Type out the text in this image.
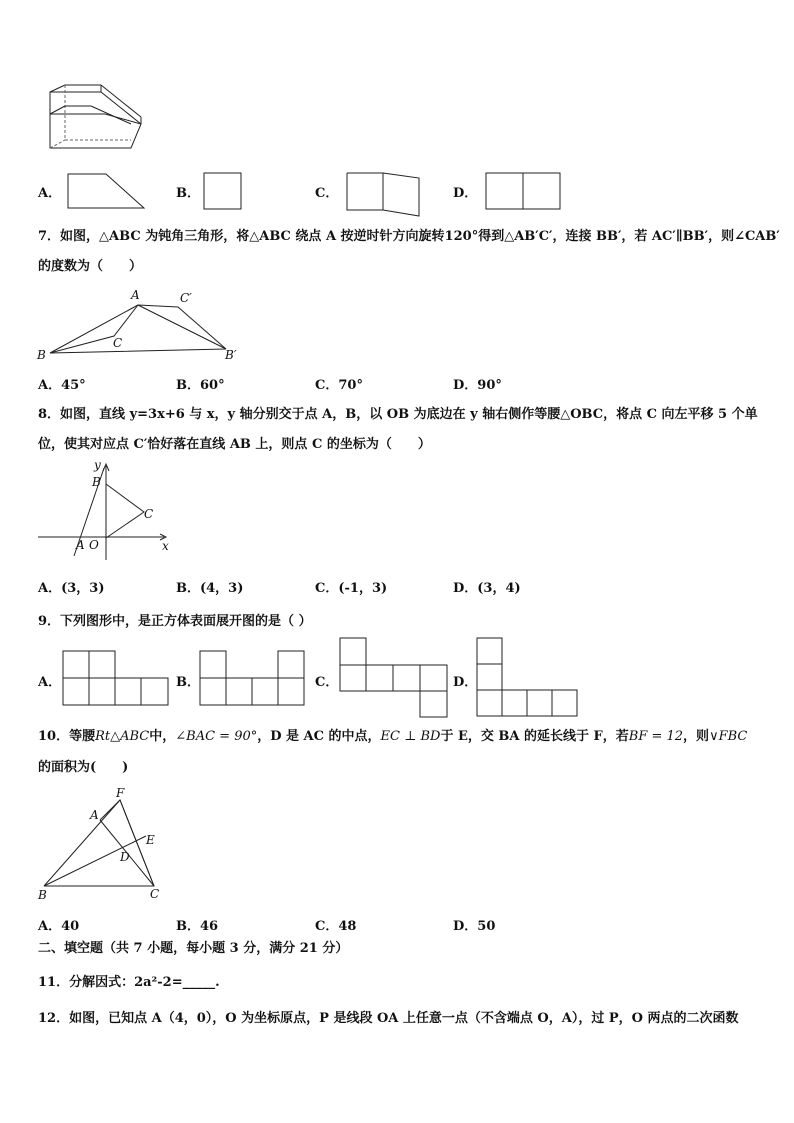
A．	B．	C．	D．
7．如图，△ABC 为钝角三角形，将△ABC 绕点 A 按逆时针方向旋转120°得到△AB′C′，连接 BB′，若 AC′∥BB′，则∠CAB′
的度数为（　　）
A	C′
B
C
B′
A．45°	B．60°	C．70°	D．90°
8．如图，直线 y=3x+6 与 x，y 轴分别交于点 A，B，以 OB 为底边在 y 轴右侧作等腰△OBC，将点 C 向左平移 5 个单
位，使其对应点 C′恰好落在直线 AB 上，则点 C 的坐标为（　　）
y
B
C
A O	x
A．(3，3)	B．(4，3)	C．(-1，3)	D．(3，4)
9．下列图形中，是正方体表面展开图的是（ ）
A．	B．	C．	D．
10．等腰Rt△ABC中，∠BAC = 90°，D 是 AC 的中点，EC ⊥ BD于 E，交 BA 的延长线于 F，若BF = 12，则∨FBC
的面积为(　　)
F
A
E
D
B	C
A．40	B．46	C．48	D．50
二、填空题（共 7 小题，每小题 3 分，满分 21 分）
11．分解因式：2a²-2=_____.
12．如图，已知点 A（4，0），O 为坐标原点，P 是线段 OA 上任意一点（不含端点 O，A），过 P，O 两点的二次函数
